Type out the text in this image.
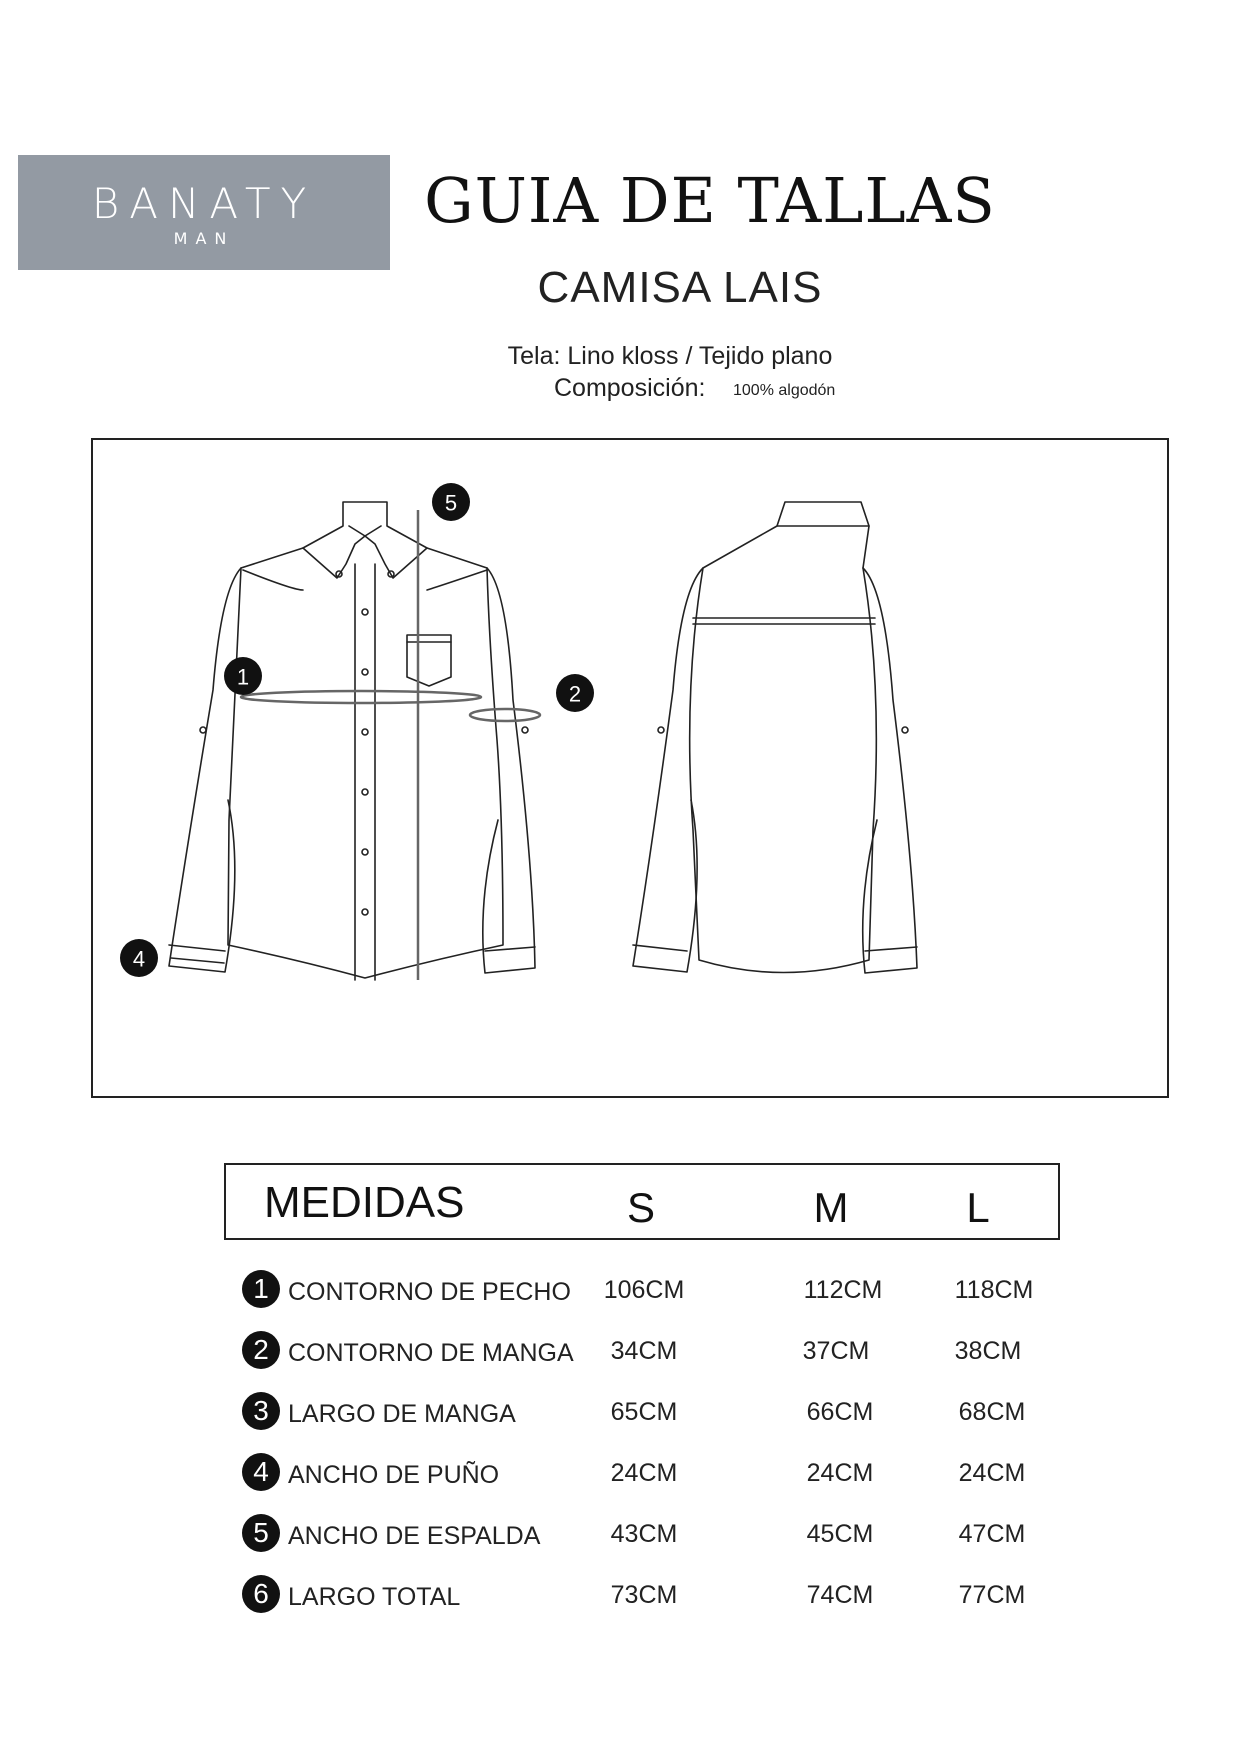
BANATY
MAN
GUIA DE TALLAS
CAMISA LAIS
Tela: Lino kloss / Tejido plano
Composición: 100% algodón
1
2
4
5
MEDIDAS	S	M	L
1 CONTORNO DE PECHO	106CM	112CM	118CM
2 CONTORNO DE MANGA	34CM	37CM	38CM
3 LARGO DE MANGA	65CM	66CM	68CM
4 ANCHO DE PUÑO	24CM	24CM	24CM
5 ANCHO DE ESPALDA	43CM	45CM	47CM
6 LARGO TOTAL	73CM	74CM	77CM
